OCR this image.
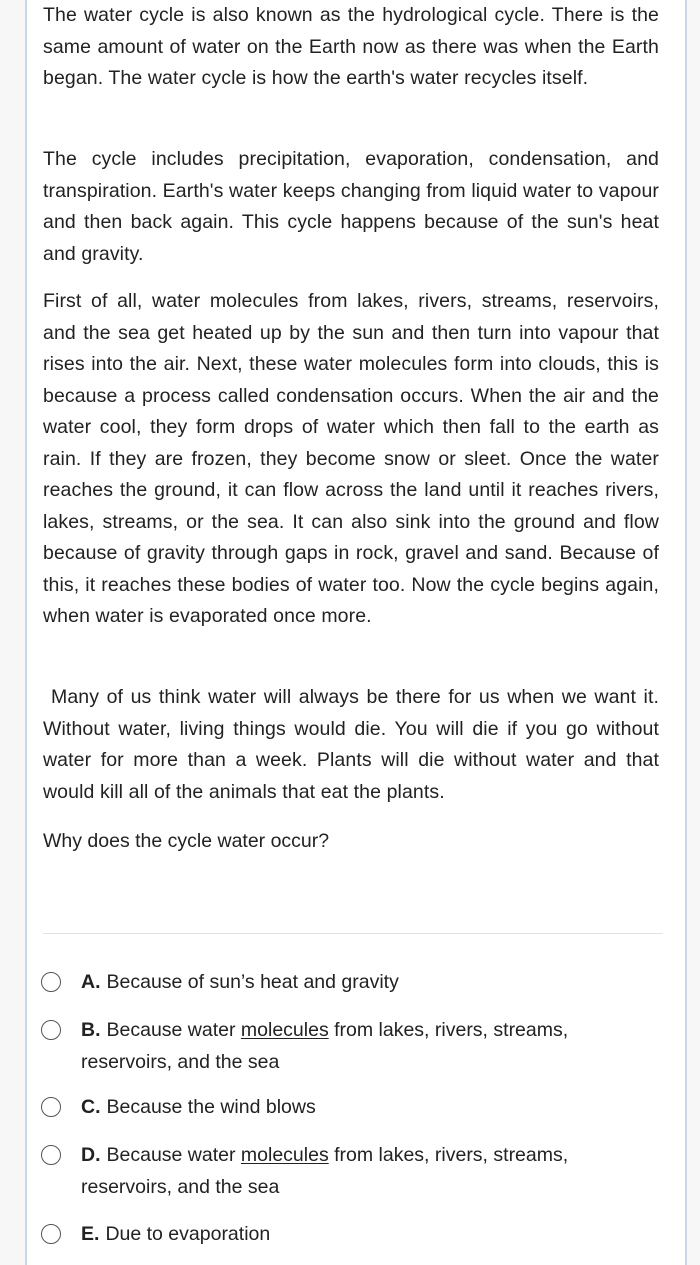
The water cycle is also known as the hydrological cycle. There is the same amount of water on the Earth now as there was when the Earth began. The water cycle is how the earth's water recycles itself.

The cycle includes precipitation, evaporation, condensation, and transpiration. Earth's water keeps changing from liquid water to vapour and then back again. This cycle happens because of the sun's heat and gravity.

First of all, water molecules from lakes, rivers, streams, reservoirs, and the sea get heated up by the sun and then turn into vapour that rises into the air. Next, these water molecules form into clouds, this is because a process called condensation occurs. When the air and the water cool, they form drops of water which then fall to the earth as rain. If they are frozen, they become snow or sleet. Once the water reaches the ground, it can flow across the land until it reaches rivers, lakes, streams, or the sea. It can also sink into the ground and flow because of gravity through gaps in rock, gravel and sand. Because of this, it reaches these bodies of water too. Now the cycle begins again, when water is evaporated once more.

Many of us think water will always be there for us when we want it. Without water, living things would die. You will die if you go without water for more than a week. Plants will die without water and that would kill all of the animals that eat the plants.

Why does the cycle water occur?

A. Because of sun’s heat and gravity
B. Because water molecules from lakes, rivers, streams, reservoirs, and the sea
C. Because the wind blows
D. Because water molecules from lakes, rivers, streams, reservoirs, and the sea
E. Due to evaporation
